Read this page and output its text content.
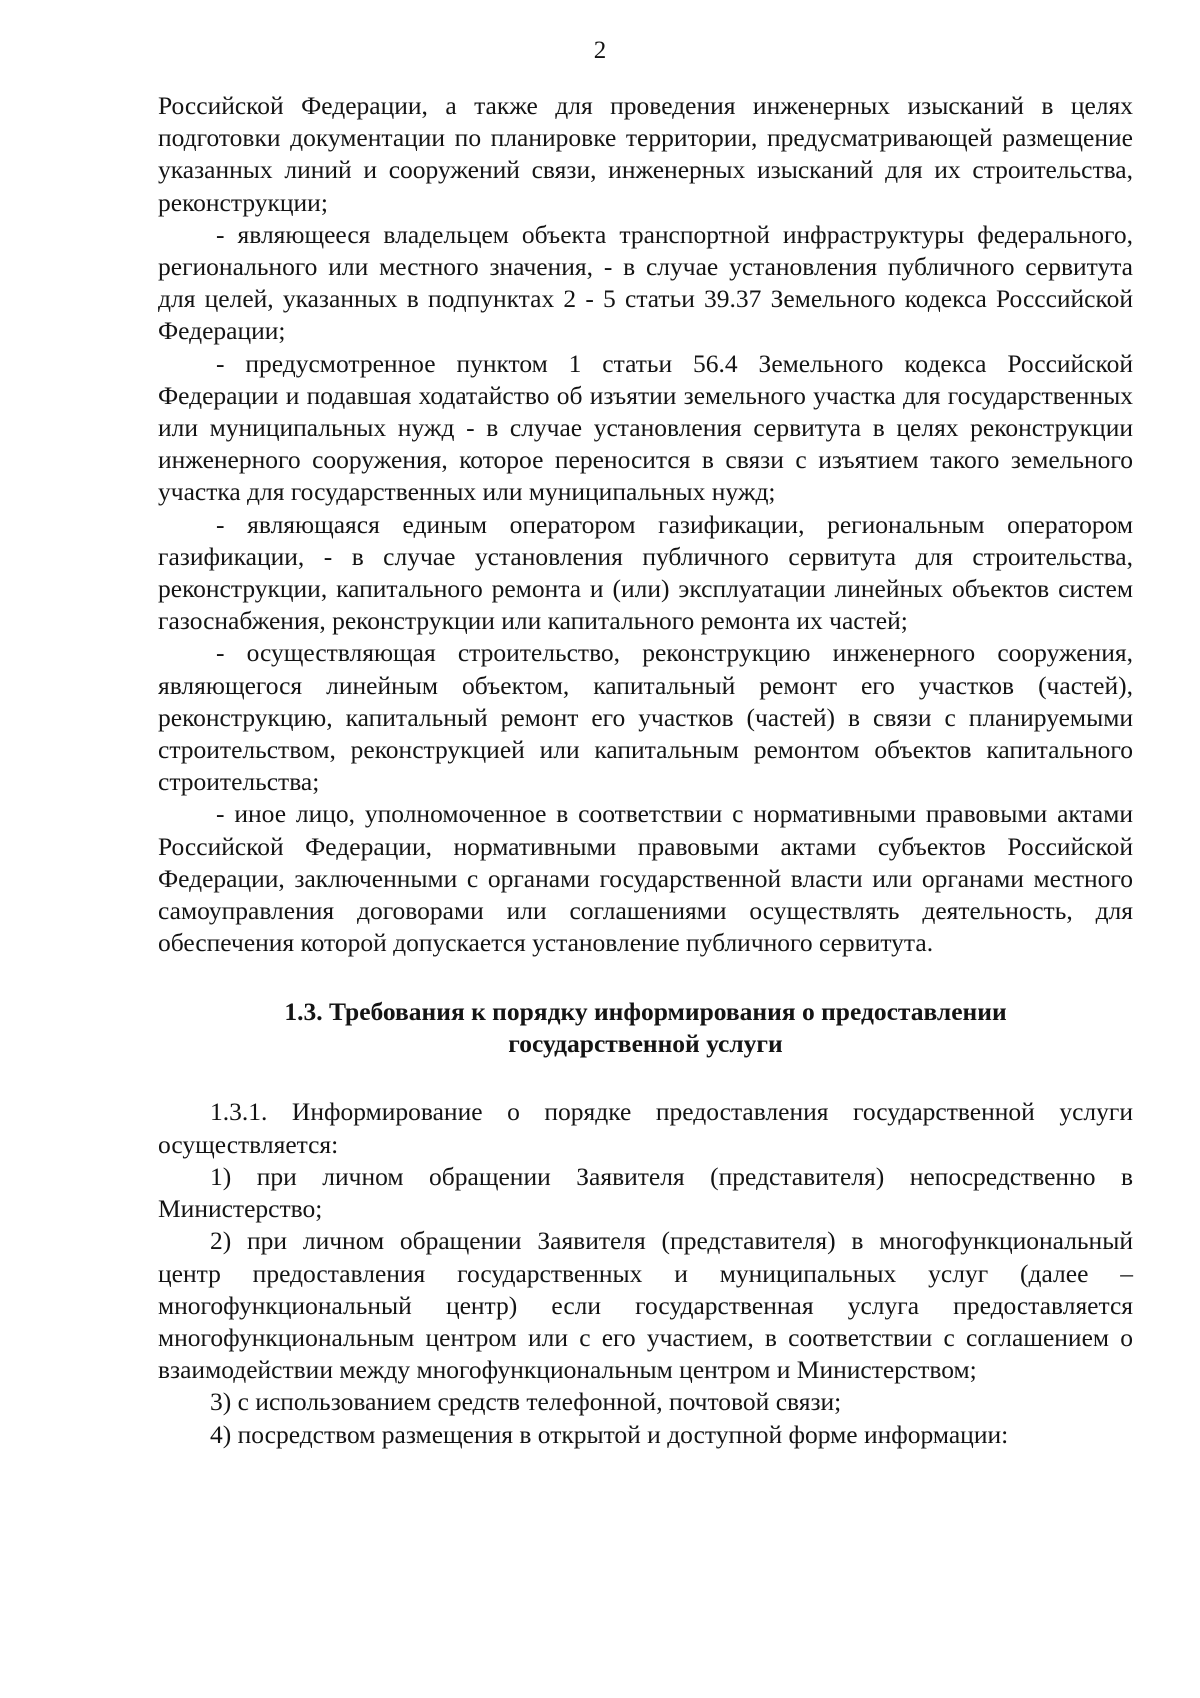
2

Российской Федерации, а также для проведения инженерных изысканий в целях подготовки документации по планировке территории, предусматривающей размещение указанных линий и сооружений связи, инженерных изысканий для их строительства, реконструкции;

- являющееся владельцем объекта транспортной инфраструктуры федерального, регионального или местного значения, - в случае установления публичного сервитута для целей, указанных в подпунктах 2 - 5 статьи 39.37 Земельного кодекса Росссийской Федерации;

- предусмотренное пунктом 1 статьи 56.4 Земельного кодекса Российской Федерации и подавшая ходатайство об изъятии земельного участка для государственных или муниципальных нужд - в случае установления сервитута в целях реконструкции инженерного сооружения, которое переносится в связи с изъятием такого земельного участка для государственных или муниципальных нужд;

- являющаяся единым оператором газификации, региональным оператором газификации, - в случае установления публичного сервитута для строительства, реконструкции, капитального ремонта и (или) эксплуатации линейных объектов систем газоснабжения, реконструкции или капитального ремонта их частей;

- осуществляющая строительство, реконструкцию инженерного сооружения, являющегося линейным объектом, капитальный ремонт его участков (частей), реконструкцию, капитальный ремонт его участков (частей) в связи с планируемыми строительством, реконструкцией или капитальным ремонтом объектов капитального строительства;

- иное лицо, уполномоченное в соответствии с нормативными правовыми актами Российской Федерации, нормативными правовыми актами субъектов Российской Федерации, заключенными с органами государственной власти или органами местного самоуправления договорами или соглашениями осуществлять деятельность, для обеспечения которой допускается установление публичного сервитута.

1.3. Требования к порядку информирования о предоставлении
государственной услуги

1.3.1. Информирование о порядке предоставления государственной услуги осуществляется:

1) при личном обращении Заявителя (представителя) непосредственно в Министерство;

2) при личном обращении Заявителя (представителя) в многофункциональный центр предоставления государственных и муниципальных услуг (далее – многофункциональный центр) если государственная услуга предоставляется многофункциональным центром или с его участием, в соответствии с соглашением о взаимодействии между многофункциональным центром и Министерством;

3) с использованием средств телефонной, почтовой связи;

4) посредством размещения в открытой и доступной форме информации:
